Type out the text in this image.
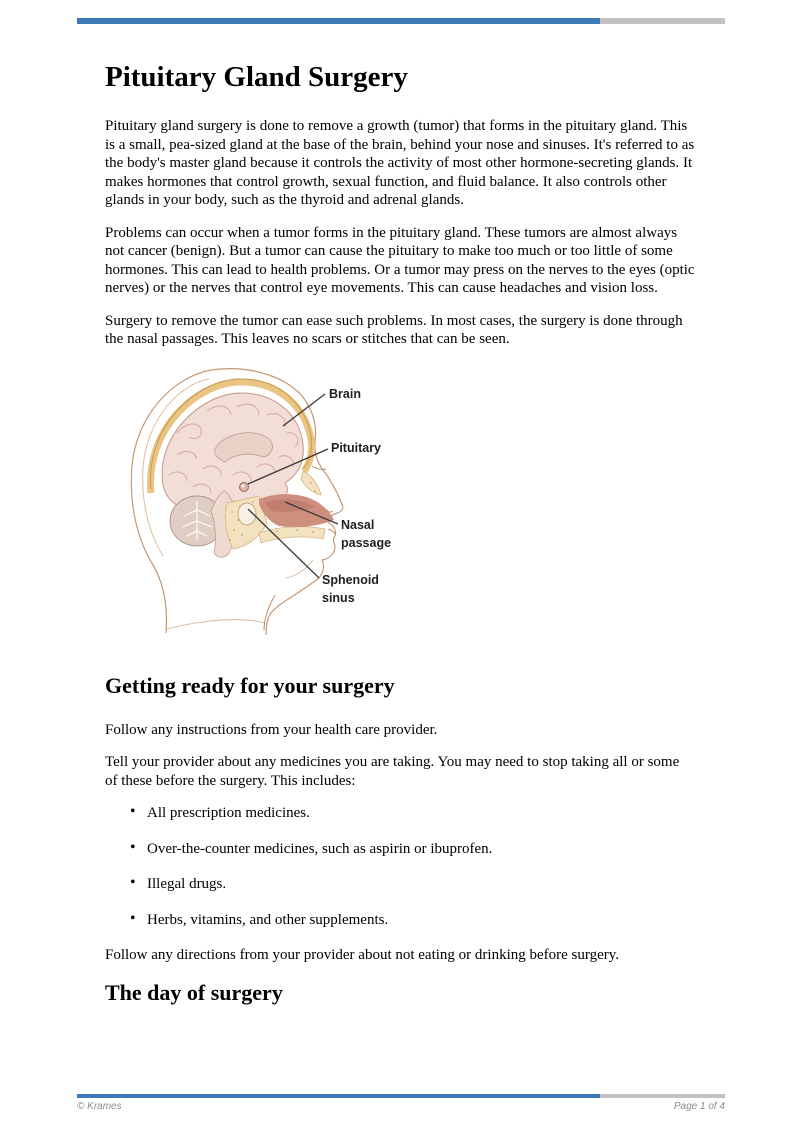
Pituitary Gland Surgery

Pituitary gland surgery is done to remove a growth (tumor) that forms in the pituitary gland. This is a small, pea-sized gland at the base of the brain, behind your nose and sinuses. It's referred to as the body's master gland because it controls the activity of most other hormone-secreting glands. It makes hormones that control growth, sexual function, and fluid balance. It also controls other glands in your body, such as the thyroid and adrenal glands.

Problems can occur when a tumor forms in the pituitary gland. These tumors are almost always not cancer (benign). But a tumor can cause the pituitary to make too much or too little of some hormones. This can lead to health problems. Or a tumor may press on the nerves to the eyes (optic nerves) or the nerves that control eye movements. This can cause headaches and vision loss.

Surgery to remove the tumor can ease such problems. In most cases, the surgery is done through the nasal passages. This leaves no scars or stitches that can be seen.

Brain
Pituitary
Nasal
passage
Sphenoid
sinus
Getting ready for your surgery

Follow any instructions from your health care provider.

Tell your provider about any medicines you are taking. You may need to stop taking all or some of these before the surgery. This includes:

• All prescription medicines.
• Over-the-counter medicines, such as aspirin or ibuprofen.
• Illegal drugs.
• Herbs, vitamins, and other supplements.

Follow any directions from your provider about not eating or drinking before surgery.

The day of surgery
© Krames	Page 1 of 4
